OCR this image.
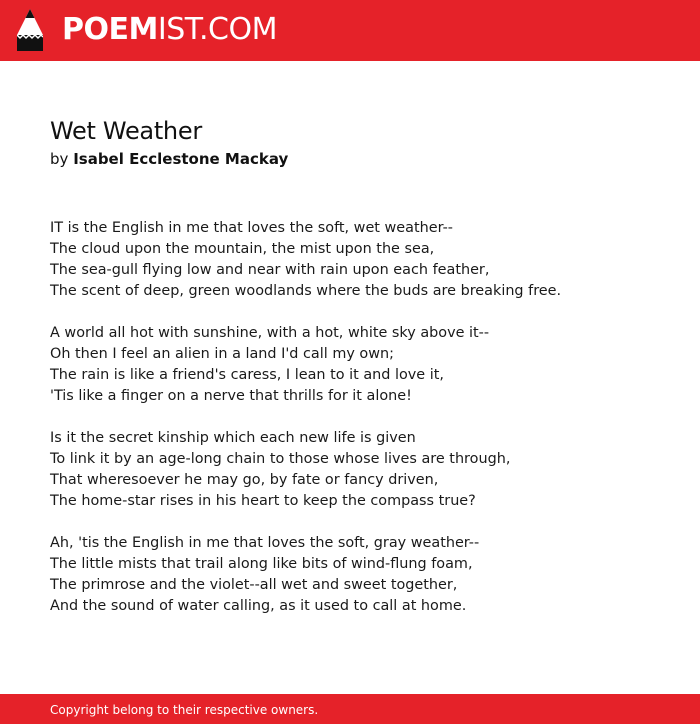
POEMIST.COM
Wet Weather
by Isabel Ecclestone Mackay
IT is the English in me that loves the soft, wet weather--
The cloud upon the mountain, the mist upon the sea,
The sea-gull flying low and near with rain upon each feather,
The scent of deep, green woodlands where the buds are breaking free.
A world all hot with sunshine, with a hot, white sky above it--
Oh then I feel an alien in a land I'd call my own;
The rain is like a friend's caress, I lean to it and love it,
'Tis like a finger on a nerve that thrills for it alone!
Is it the secret kinship which each new life is given
To link it by an age-long chain to those whose lives are through,
That wheresoever he may go, by fate or fancy driven,
The home-star rises in his heart to keep the compass true?
Ah, 'tis the English in me that loves the soft, gray weather--
The little mists that trail along like bits of wind-flung foam,
The primrose and the violet--all wet and sweet together,
And the sound of water calling, as it used to call at home.
Copyright belong to their respective owners.
